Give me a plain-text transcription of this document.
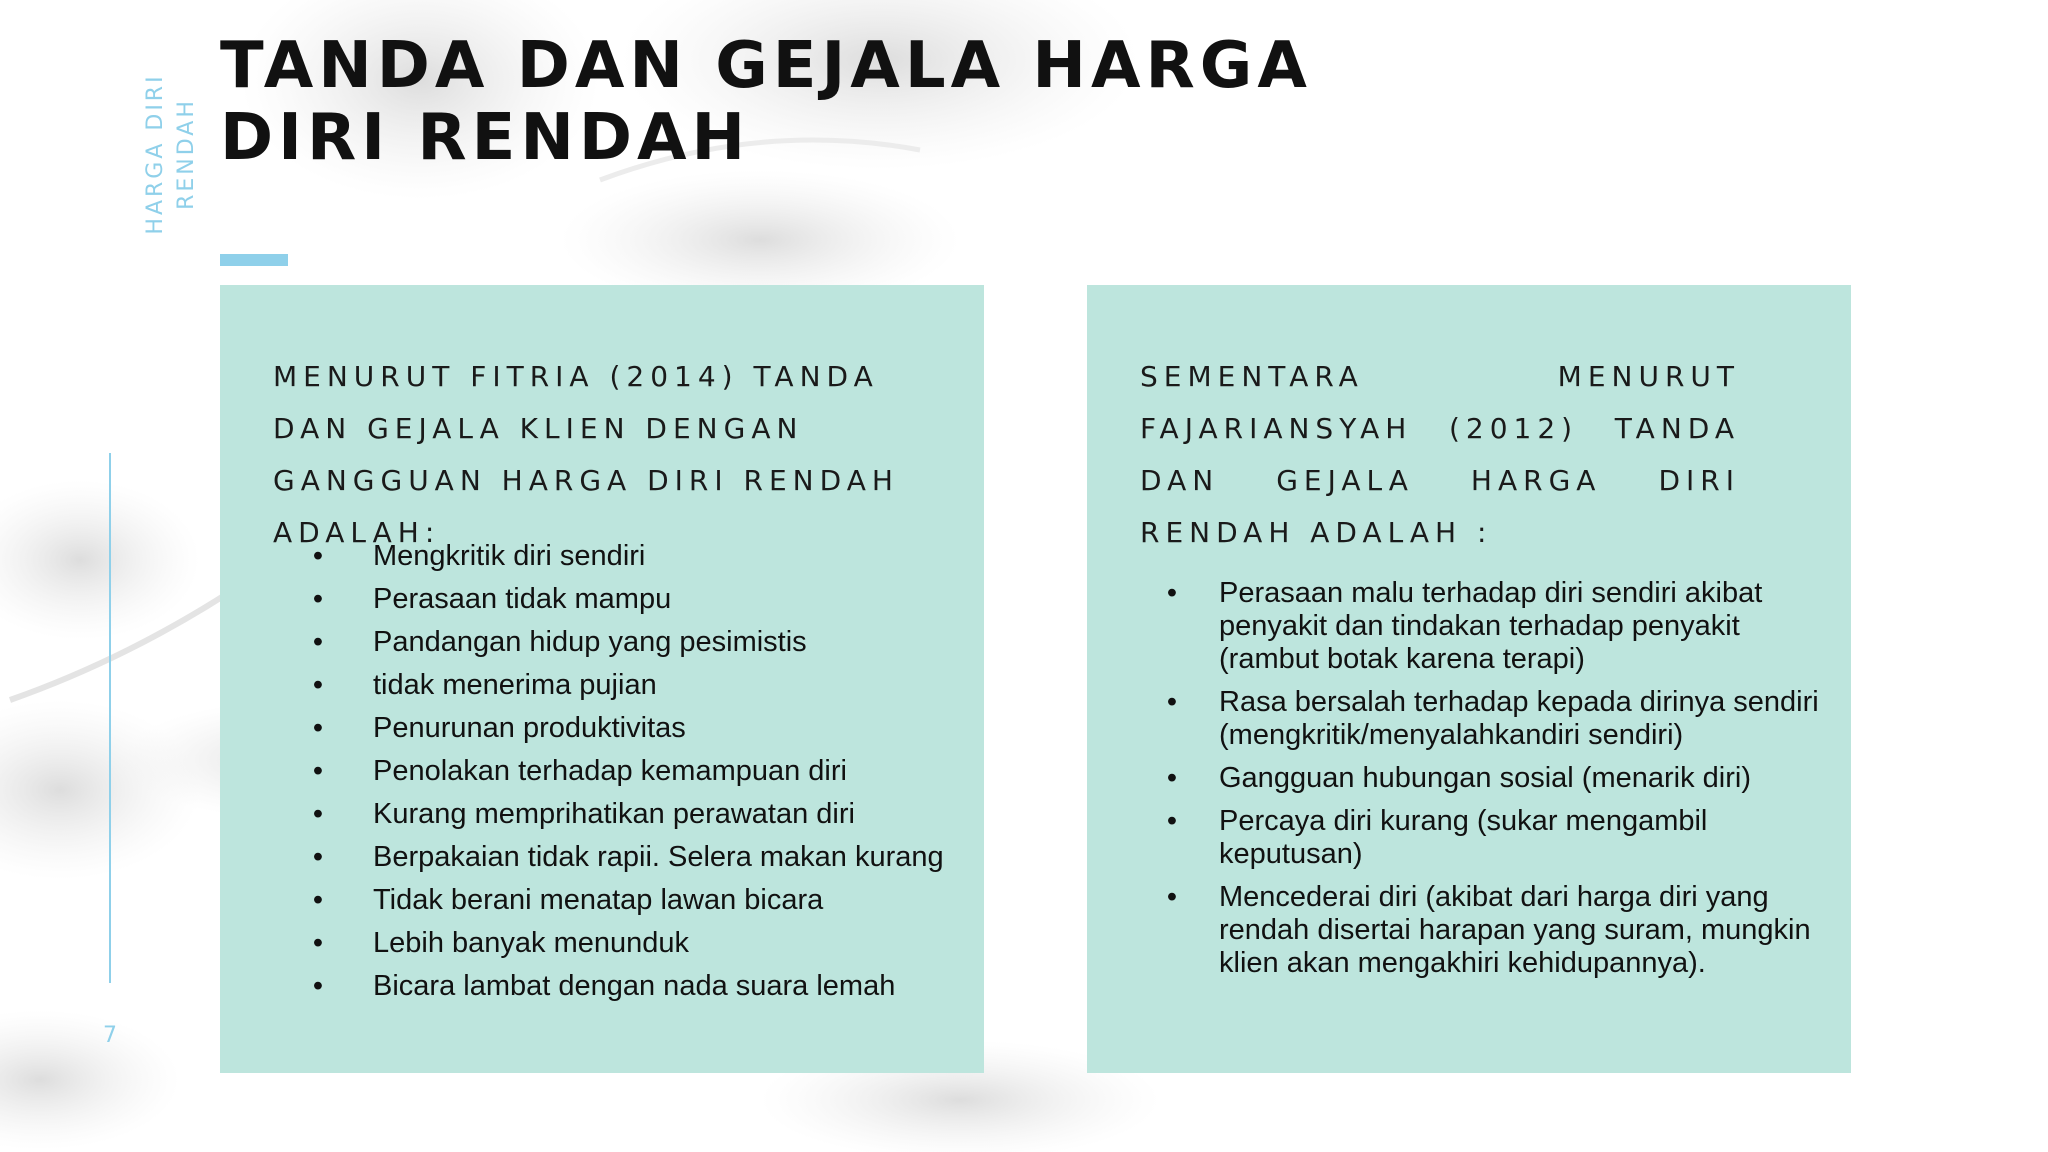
TANDA DAN GEJALA HARGA
DIRI RENDAH
HARGA DIRI RENDAH
7
MENURUT FITRIA (2014) TANDA DAN GEJALA KLIEN DENGAN GANGGUAN HARGA DIRI RENDAH ADALAH:
•	Mengkritik diri sendiri
•	Perasaan tidak mampu
•	Pandangan hidup yang pesimistis
•	tidak menerima pujian
•	Penurunan produktivitas
•	Penolakan terhadap kemampuan diri
•	Kurang memprihatikan perawatan diri
•	Berpakaian tidak rapii. Selera makan kurang
•	Tidak berani menatap lawan bicara
•	Lebih banyak menunduk
•	Bicara lambat dengan nada suara lemah
SEMENTARA MENURUT
FAJARIANSYAH (2012) TANDA
DAN GEJALA HARGA DIRI
RENDAH ADALAH :
•	Perasaan malu terhadap diri sendiri akibat penyakit dan tindakan terhadap penyakit (rambut botak karena terapi)
•	Rasa bersalah terhadap kepada dirinya sendiri (mengkritik/menyalahkandiri sendiri)
•	Gangguan hubungan sosial (menarik diri)
•	Percaya diri kurang (sukar mengambil keputusan)
•	Mencederai diri (akibat dari harga diri yang rendah disertai harapan yang suram, mungkin klien akan mengakhiri kehidupannya).
